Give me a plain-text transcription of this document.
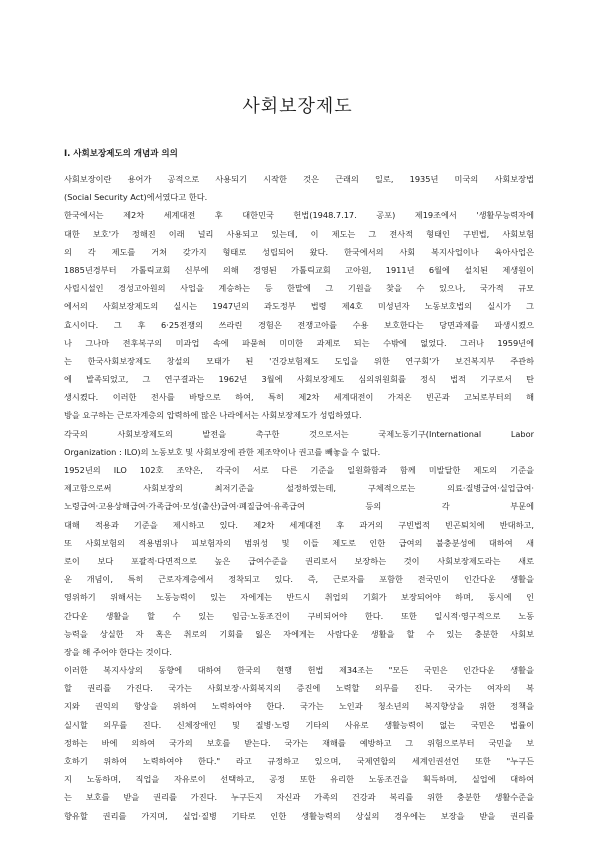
사회보장제도
Ⅰ. 사회보장제도의 개념과 의의
사회보장이란 용어가 공적으로 사용되기 시작한 것은 근래의 일로, 1935년 미국의 사회보장법
(Social Security Act)에서였다고 한다.
한국에서는 제2차 세계대전 후 대한민국 헌법(1948.7.17. 공포) 제19조에서 '생활무능력자에
대한 보호'가 정해진 이래 널리 사용되고 있는데, 이 제도는 그 전사적 형태인 구빈법, 사회보험
의 각 제도를 거쳐 갖가지 형태로 성립되어 왔다. 한국에서의 사회 복지사업이나 육아사업은
1885년경부터 가톨릭교회 신부에 의해 경영된 가톨릭교회 고아원, 1911년 6월에 설치된 제생원이
사립시설인 경성고아원의 사업을 계승하는 등 한말에 그 기원을 찾을 수 있으나, 국가적 규모
에서의 사회보장제도의 실시는 1947년의 과도정부 법령 제4호 미성년자 노동보호법의 실시가 그
효시이다. 그 후 6·25전쟁의 쓰라린 경험은 전쟁고아를 수용 보호한다는 당면과제를 파생시켰으
나 그나마 전후복구의 미과업 속에 파묻혀 미미한 과제로 되는 수밖에 없었다. 그러나 1959년에
는 한국사회보장제도 창설의 모태가 된 '건강보험제도 도입을 위한 연구회'가 보건복지부 주관하
에 발족되었고, 그 연구결과는 1962년 3월에 사회보장제도 심의위원회를 정식 법적 기구로서 탄
생시켰다. 이러한 전사를 바탕으로 하여, 특히 제2차 세계대전이 가져온 빈곤과 고뇌로부터의 해
방을 요구하는 근로자계층의 압력하에 많은 나라에서는 사회보장제도가 성립하였다.
각국의 사회보장제도의 발전을 촉구한 것으로서는 국제노동기구(International Labor
Organization : ILO)의 노동보호 및 사회보장에 관한 제조약이나 권고를 빼놓을 수 없다.
1952년의 ILO 102호 조약은, 각국이 서로 다른 기준을 일원화함과 함께 미발달한 제도의 기준을
제고함으로써 사회보장의 최저기준을 설정하였는데, 구체적으로는 의료·질병급여·실업급여·
노령급여·고용상해급여·가족급여·모성(출산)급여·폐질급여·유족급여 등의 각 부문에
대해 적용과 기준을 제시하고 있다. 제2차 세계대전 후 과거의 구빈법적 빈곤퇴치에 반대하고,
또 사회보험의 적용범위나 피보험자의 범위성 및 이들 제도로 인한 급여의 불충분성에 대하여 새
로이 보다 포괄적·다면적으로 높은 급여수준을 권리로서 보장하는 것이 사회보장제도라는 새로
운 개념이, 특히 근로자계층에서 정착되고 있다. 즉, 근로자를 포함한 전국민이 인간다운 생활을
영위하기 위해서는 노동능력이 있는 자에게는 반드시 취업의 기회가 보장되어야 하며, 동시에 인
간다운 생활을 할 수 있는 임금·노동조건이 구비되어야 한다. 또한 일시적·영구적으로 노동
능력을 상실한 자 혹은 취로의 기회를 잃은 자에게는 사람다운 생활을 할 수 있는 충분한 사회보
장을 해 주어야 한다는 것이다.
이러한 복지사상의 동향에 대하여 한국의 현행 헌법 제34조는 "모든 국민은 인간다운 생활을
할 권리를 가진다. 국가는 사회보장·사회복지의 증진에 노력할 의무를 진다. 국가는 여자의 복
지와 권익의 향상을 위하여 노력하여야 한다. 국가는 노인과 청소년의 복지향상을 위한 정책을
실시할 의무를 진다. 신체장애인 및 질병·노령 기타의 사유로 생활능력이 없는 국민은 법률이
정하는 바에 의하여 국가의 보호를 받는다. 국가는 재해를 예방하고 그 위험으로부터 국민을 보
호하기 위하여 노력하여야 한다." 라고 규정하고 있으며, 국제연합의 세계인권선언 또한 "누구든
지 노동하며, 직업을 자유로이 선택하고, 공정 또한 유리한 노동조건을 획득하며, 실업에 대하여
는 보호를 받을 권리를 가진다. 누구든지 자신과 가족의 건강과 복리를 위한 충분한 생활수준을
향유할 권리를 가지며, 실업·질병 기타로 인한 생활능력의 상실의 경우에는 보장을 받을 권리를
